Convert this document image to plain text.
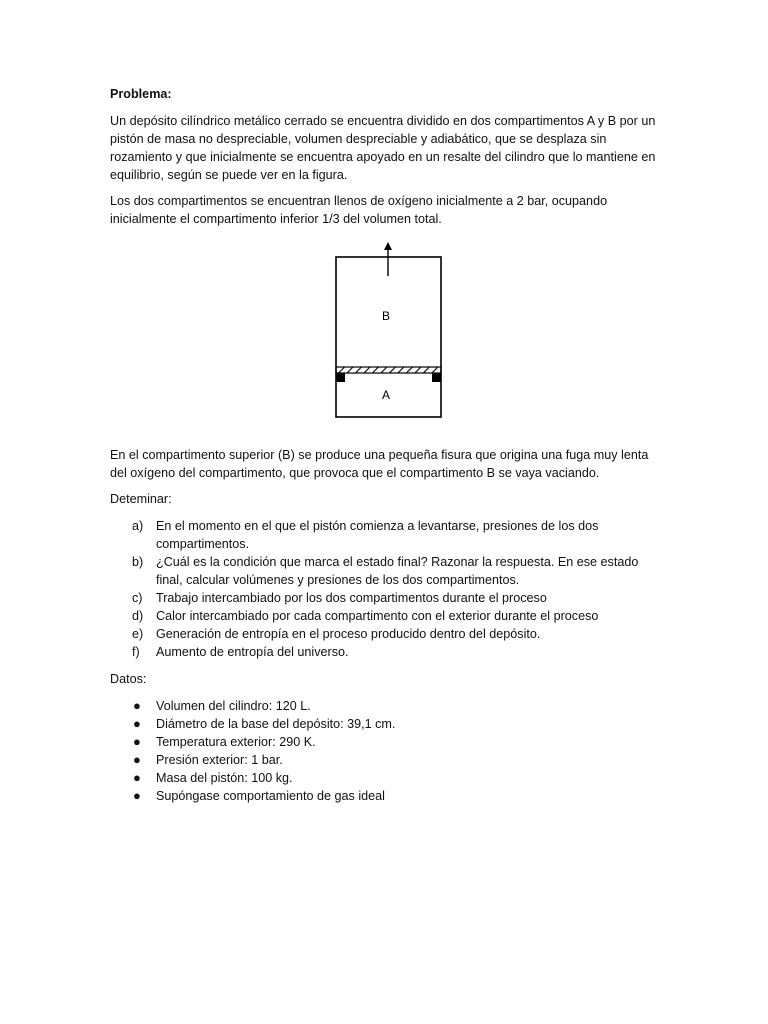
Problema:

Un depósito cilíndrico metálico cerrado se encuentra dividido en dos compartimentos A y B por un pistón de masa no despreciable, volumen despreciable y adiabático, que se desplaza sin rozamiento y que inicialmente se encuentra apoyado en un resalte del cilindro que lo mantiene en equilibrio, según se puede ver en la figura.

Los dos compartimentos se encuentran llenos de oxígeno inicialmente a 2 bar, ocupando inicialmente el compartimento inferior 1/3 del volumen total.

B
A

En el compartimento superior (B) se produce una pequeña fisura que origina una fuga muy lenta del oxígeno del compartimento, que provoca que el compartimento B se vaya vaciando.

Deteminar:

a) En el momento en el que el pistón comienza a levantarse, presiones de los dos compartimentos.
b) ¿Cuál es la condición que marca el estado final? Razonar la respuesta. En ese estado final, calcular volúmenes y presiones de los dos compartimentos.
c) Trabajo intercambiado por los dos compartimentos durante el proceso
d) Calor intercambiado por cada compartimento con el exterior durante el proceso
e) Generación de entropía en el proceso producido dentro del depósito.
f) Aumento de entropía del universo.

Datos:

● Volumen del cilindro: 120 L.
● Diámetro de la base del depósito: 39,1 cm.
● Temperatura exterior: 290 K.
● Presión exterior: 1 bar.
● Masa del pistón: 100 kg.
● Supóngase comportamiento de gas ideal
